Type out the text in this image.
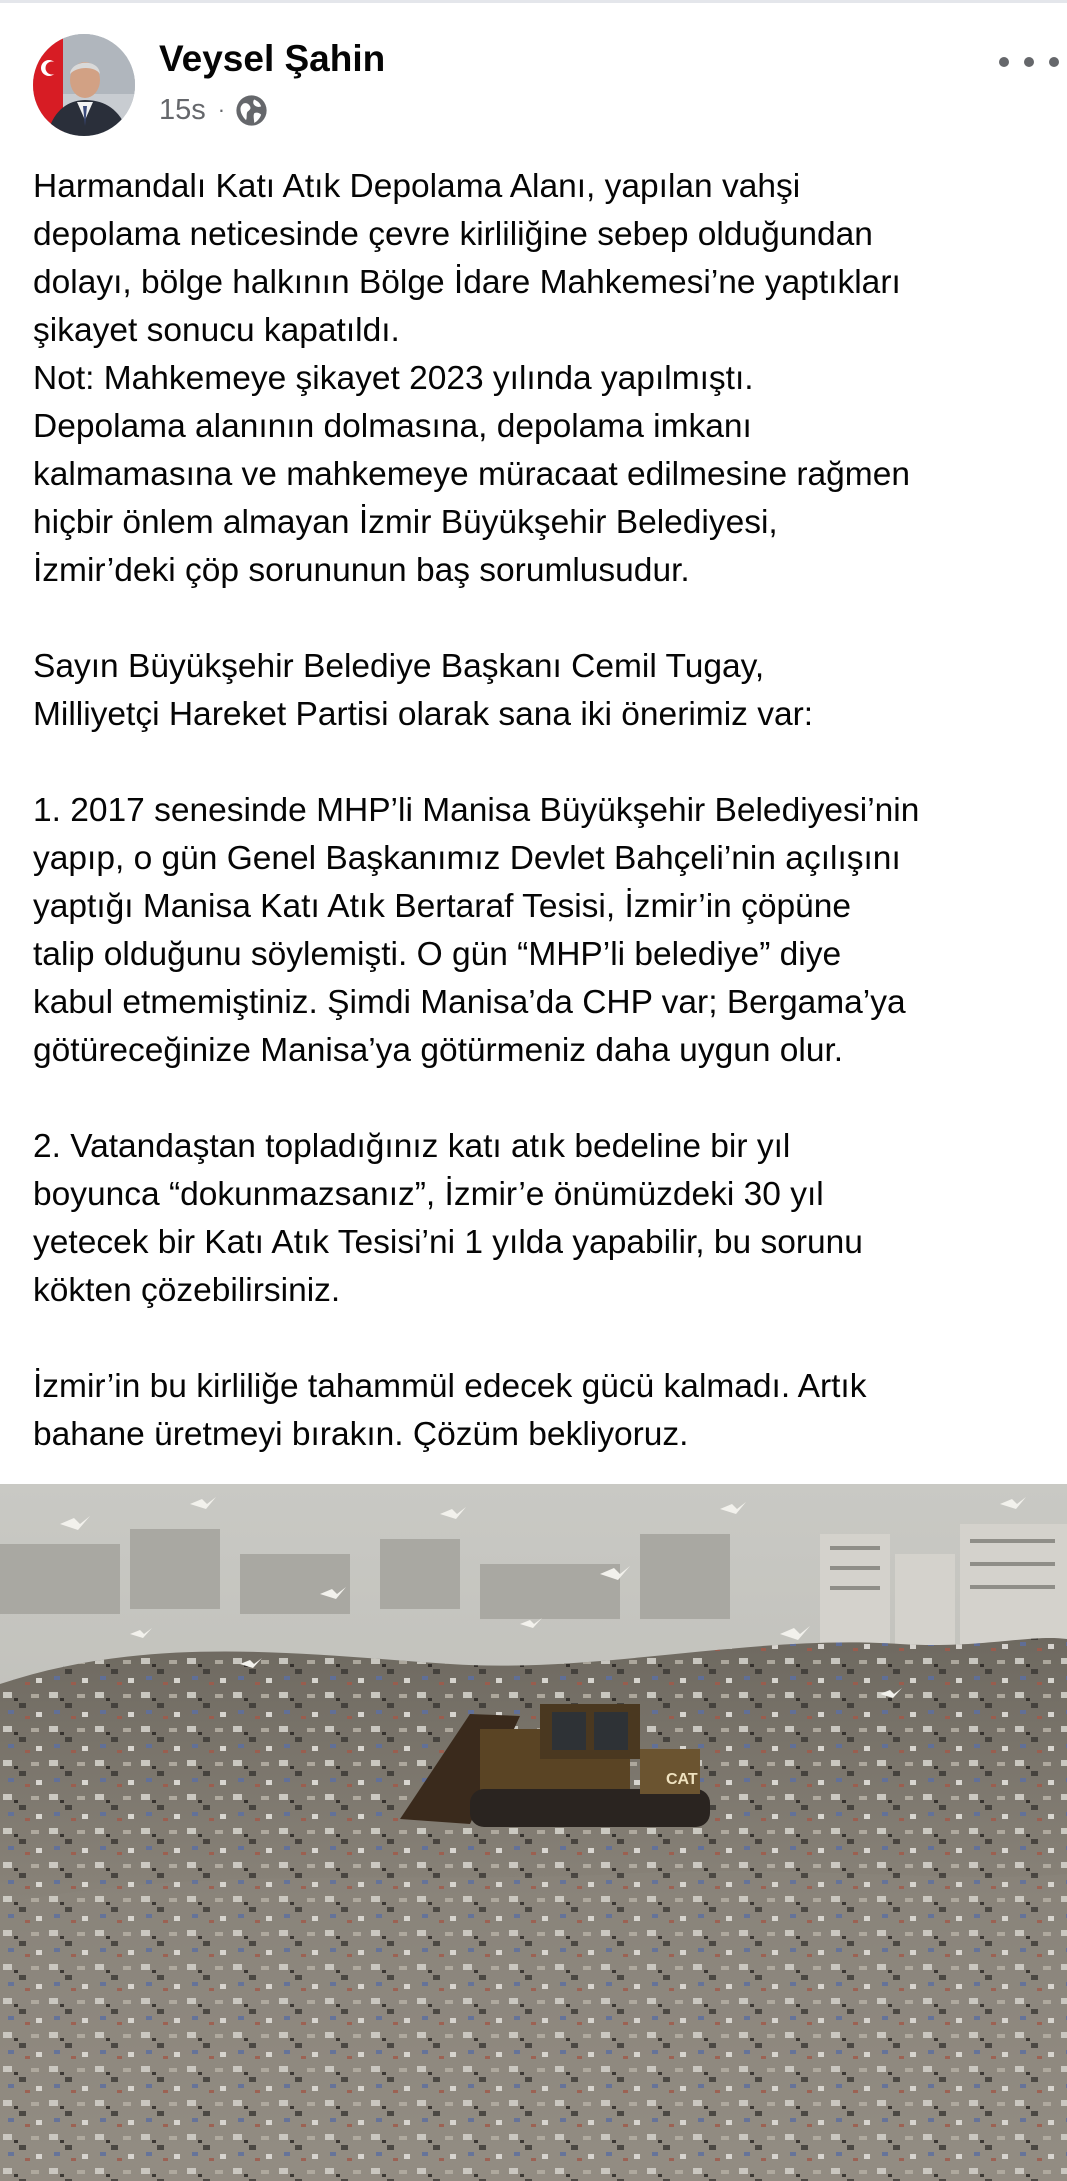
Veysel Şahin
15s ·

Harmandalı Katı Atık Depolama Alanı, yapılan vahşi

depolama neticesinde çevre kirliliğine sebep olduğundan

dolayı, bölge halkının Bölge İdare Mahkemesi’ne yaptıkları

şikayet sonucu kapatıldı.

Not: Mahkemeye şikayet 2023 yılında yapılmıştı.

Depolama alanının dolmasına, depolama imkanı

kalmamasına ve mahkemeye müracaat edilmesine rağmen

hiçbir önlem almayan İzmir Büyükşehir Belediyesi,

İzmir’deki çöp sorununun baş sorumlusudur.

Sayın Büyükşehir Belediye Başkanı Cemil Tugay,

Milliyetçi Hareket Partisi olarak sana iki önerimiz var:

1. 2017 senesinde MHP’li Manisa Büyükşehir Belediyesi’nin

yapıp, o gün Genel Başkanımız Devlet Bahçeli’nin açılışını

yaptığı Manisa Katı Atık Bertaraf Tesisi, İzmir’in çöpüne

talip olduğunu söylemişti. O gün “MHP’li belediye” diye

kabul etmemiştiniz. Şimdi Manisa’da CHP var; Bergama’ya

götüreceğinize Manisa’ya götürmeniz daha uygun olur.

2. Vatandaştan topladığınız katı atık bedeline bir yıl

boyunca “dokunmazsanız”, İzmir’e önümüzdeki 30 yıl

yetecek bir Katı Atık Tesisi’ni 1 yılda yapabilir, bu sorunu

kökten çözebilirsiniz.

İzmir’in bu kirliliğe tahammül edecek gücü kalmadı. Artık

bahane üretmeyi bırakın. Çözüm bekliyoruz.

CAT
